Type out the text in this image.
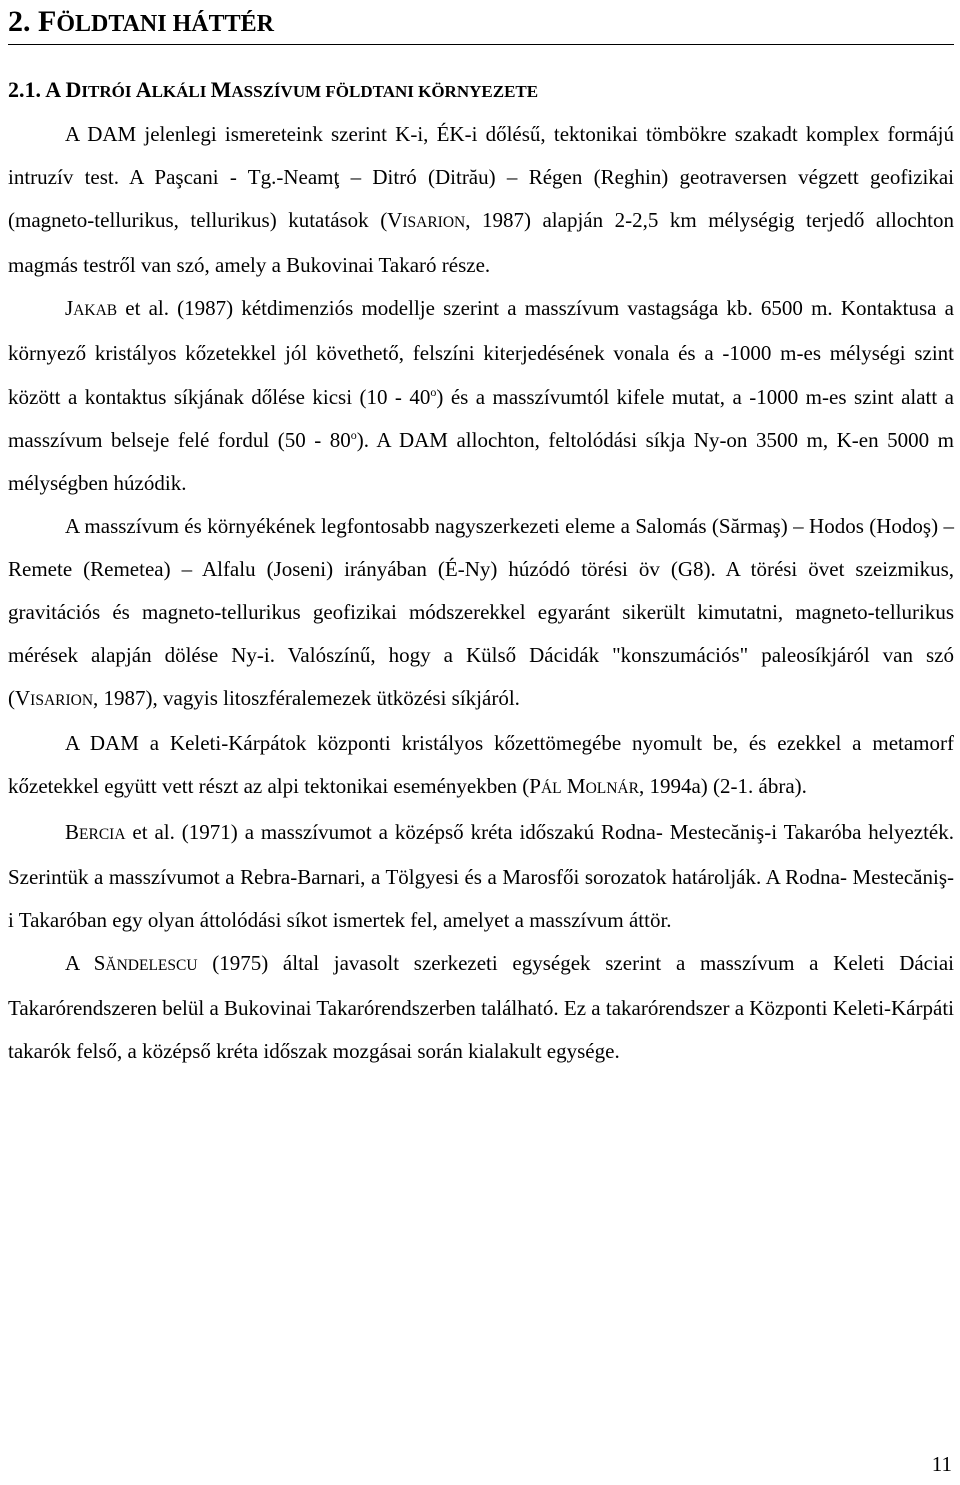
2. FÖLDTANI HÁTTÉR
2.1. A DITRÓI ALKÁLI MASSZÍVUM FÖLDTANI KÖRNYEZETE

A DAM jelenlegi ismereteink szerint K-i, ÉK-i dőlésű, tektonikai tömbökre szakadt komplex formájú intruzív test. A Paşcani - Tg.-Neamţ – Ditró (Ditrău) – Régen (Reghin) geotraversen végzett geofizikai (magneto-tellurikus, tellurikus) kutatások (VISARION, 1987) alapján 2-2,5 km mélységig terjedő allochton magmás testről van szó, amely a Bukovinai Takaró része.

JAKAB et al. (1987) kétdimenziós modellje szerint a masszívum vastagsága kb. 6500 m. Kontaktusa a környező kristályos kőzetekkel jól követhető, felszíni kiterjedésének vonala és a -1000 m-es mélységi szint között a kontaktus síkjának dőlése kicsi (10 - 40$^o$) és a masszívumtól kifele mutat, a -1000 m-es szint alatt a masszívum belseje felé fordul (50 - 80$^o$). A DAM allochton, feltolódási síkja Ny-on 3500 m, K-en 5000 m mélységben húzódik.

A masszívum és környékének legfontosabb nagyszerkezeti eleme a Salomás (Sărmaş) – Hodos (Hodoş) –Remete (Remetea) – Alfalu (Joseni) irányában (É-Ny) húzódó törési öv (G8). A törési övet szeizmikus, gravitációs és magneto-tellurikus geofizikai módszerekkel egyaránt sikerült kimutatni, magneto-tellurikus mérések alapján dölése Ny-i. Valószínű, hogy a Külső Dácidák "konszumációs" paleosíkjáról van szó (VISARION, 1987), vagyis litoszféralemezek ütközési síkjáról.

A DAM a Keleti-Kárpátok központi kristályos kőzettömegébe nyomult be, és ezekkel a metamorf kőzetekkel együtt vett részt az alpi tektonikai eseményekben (PÁL MOLNÁR, 1994a) (2-1. ábra).

BERCIA et al. (1971) a masszívumot a középső kréta időszakú Rodna- Mestecăniş-i Takaróba helyezték. Szerintük a masszívumot a Rebra-Barnari, a Tölgyesi és a Marosfői sorozatok határolják. A Rodna- Mestecăniş-i Takaróban egy olyan áttolódási síkot ismertek fel, amelyet a masszívum áttör.

A SĂNDELESCU (1975) által javasolt szerkezeti egységek szerint a masszívum a Keleti Dáciai Takarórendszeren belül a Bukovinai Takarórendszerben található. Ez a takarórendszer a Központi Keleti-Kárpáti takarók felső, a középső kréta időszak mozgásai során kialakult egysége.

11
